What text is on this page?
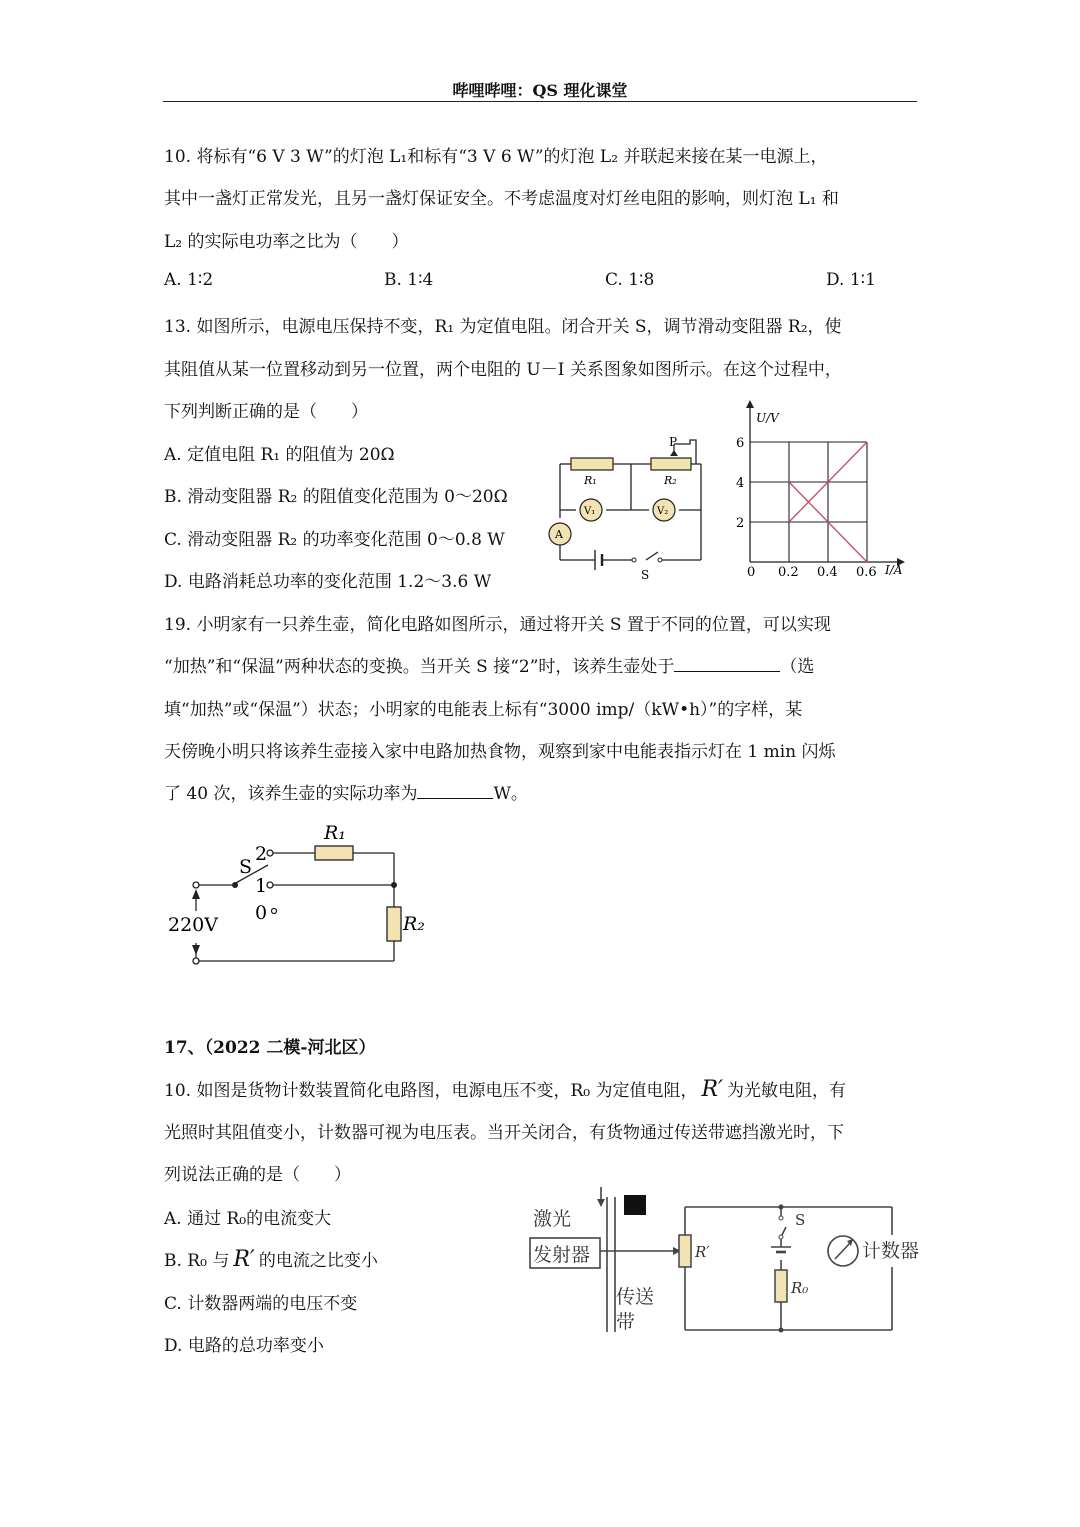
哔哩哔哩：QS 理化课堂
10. 将标有“6 V 3 W”的灯泡 L₁和标有“3 V 6 W”的灯泡 L₂ 并联起来接在某一电源上，
其中一盏灯正常发光，且另一盏灯保证安全。不考虑温度对灯丝电阻的影响，则灯泡 L₁ 和
L₂ 的实际电功率之比为（　　）
A. 1∶2	B. 1∶4	C. 1∶8	D. 1∶1
13. 如图所示，电源电压保持不变，R₁ 为定值电阻。闭合开关 S，调节滑动变阻器 R₂，使
其阻值从某一位置移动到另一位置，两个电阻的 U－I 关系图象如图所示。在这个过程中，
下列判断正确的是（　　）
A. 定值电阻 R₁ 的阻值为 20Ω
B. 滑动变阻器 R₂ 的阻值变化范围为 0～20Ω
C. 滑动变阻器 R₂ 的功率变化范围 0～0.8 W
D. 电路消耗总功率的变化范围 1.2～3.6 W
P
R₁	R₂
V₁	V₂
A
S	0 0.2 0.4 0.6
2
4
6
U/V
I/A
19. 小明家有一只养生壶，简化电路如图所示，通过将开关 S 置于不同的位置，可以实现
“加热”和“保温”两种状态的变换。当开关 S 接“2”时，该养生壶处于	（选
填“加热”或“保温”）状态；小明家的电能表上标有“3000 imp/（kW•h）”的字样，某
天傍晚小明只将该养生壶接入家中电路加热食物，观察到家中电能表指示灯在 1 min 闪烁
了 40 次，该养生壶的实际功率为	W。
R₁
R₂
S
2
1
0
220V
17、（2022 二模-河北区）
10. 如图是货物计数装置简化电路图，电源电压不变，R₀ 为定值电阻， R′ 为光敏电阻，有
光照时其阻值变小，计数器可视为电压表。当开关闭合，有货物通过传送带遮挡激光时，下
列说法正确的是（　　）
A. 通过 R₀的电流变大
B. R₀ 与 R′ 的电流之比变小
C. 计数器两端的电压不变
D. 电路的总功率变小
激光
发射器
传送
带
计数器
R′
R₀
S
